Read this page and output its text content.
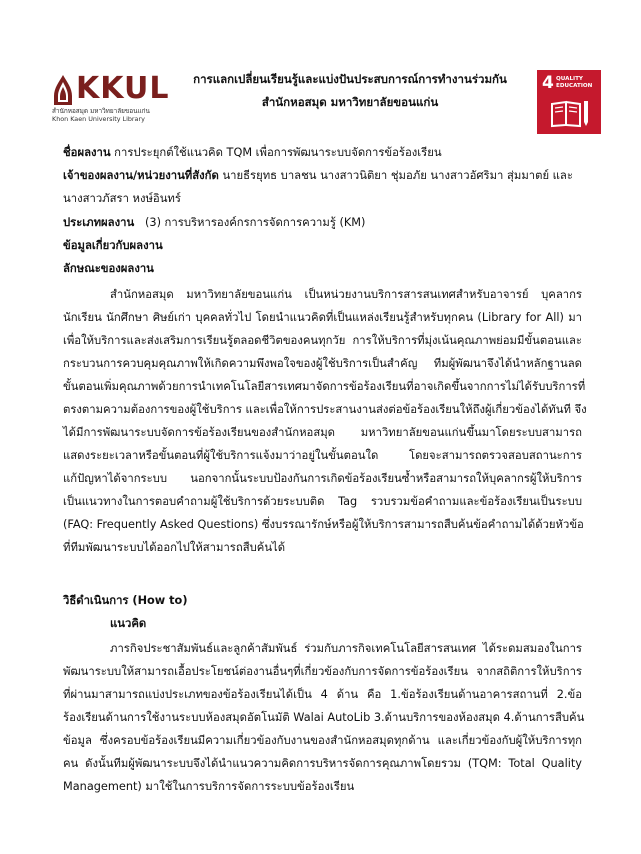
KKUL
สำนักหอสมุด มหาวิทยาลัยขอนแก่น
Khon Kaen University Library
การแลกเปลี่ยนเรียนรู้และแบ่งปันประสบการณ์การทำงานร่วมกัน
สำนักหอสมุด มหาวิทยาลัยขอนแก่น
4 QUALITY
EDUCATION
ชื่อผลงาน การประยุกต์ใช้แนวคิด TQM เพื่อการพัฒนาระบบจัดการข้อร้องเรียน
เจ้าของผลงาน/หน่วยงานที่สังกัด นายธีรยุทธ บาลชน นางสาวนิติยา ชุ่มอภัย นางสาวอัศริมา สุ่มมาตย์ และ
นางสาวภัสรา หงษ์อินทร์
ประเภทผลงาน (3) การบริหารองค์กรการจัดการความรู้ (KM)
ข้อมูลเกี่ยวกับผลงาน
ลักษณะของผลงาน
สำนักหอสมุด มหาวิทยาลัยขอนแก่น เป็นหน่วยงานบริการสารสนเทศสำหรับอาจารย์ บุคลากร
นักเรียน นักศึกษา ศิษย์เก่า บุคคลทั่วไป โดยนำแนวคิดที่เป็นแหล่งเรียนรู้สำหรับทุกคน (Library for All) มา
เพื่อให้บริการและส่งเสริมการเรียนรู้ตลอดชีวิตของคนทุกวัย การให้บริการที่มุ่งเน้นคุณภาพย่อมมีขั้นตอนและ
กระบวนการควบคุมคุณภาพให้เกิดความพึงพอใจของผู้ใช้บริการเป็นสำคัญ ทีมผู้พัฒนาจึงได้นำหลักฐานลด
ขั้นตอนเพิ่มคุณภาพด้วยการนำเทคโนโลยีสารเทศมาจัดการข้อร้องเรียนที่อาจเกิดขึ้นจากการไม่ได้รับบริการที่
ตรงตามความต้องการของผู้ใช้บริการ และเพื่อให้การประสานงานส่งต่อข้อร้องเรียนให้ถึงผู้เกี่ยวข้องได้ทันที จึง
ได้มีการพัฒนาระบบจัดการข้อร้องเรียนของสำนักหอสมุด มหาวิทยาลัยขอนแก่นขึ้นมาโดยระบบสามารถ
แสดงระยะเวลาหรือขั้นตอนที่ผู้ใช้บริการแจ้งมาว่าอยู่ในขั้นตอนใด โดยจะสามารถตรวจสอบสถานะการ
แก้ปัญหาได้จากระบบ นอกจากนั้นระบบป้องกันการเกิดข้อร้องเรียนซ้ำหรือสามารถให้บุคลากรผู้ให้บริการ
เป็นแนวทางในการตอบคำถามผู้ใช้บริการด้วยระบบติด Tag รวบรวมข้อคำถามและข้อร้องเรียนเป็นระบบ
(FAQ: Frequently Asked Questions) ซึ่งบรรณารักษ์หรือผู้ให้บริการสามารถสืบค้นข้อคำถามได้ด้วยหัวข้อ
ที่ทีมพัฒนาระบบได้ออกไปให้สามารถสืบค้นได้
วิธีดำเนินการ (How to)
แนวคิด
ภารกิจประชาสัมพันธ์และลูกค้าสัมพันธ์ ร่วมกับภารกิจเทคโนโลยีสารสนเทศ ได้ระดมสมองในการ
พัฒนาระบบให้สามารถเอื้อประโยชน์ต่องานอื่นๆที่เกี่ยวข้องกับการจัดการข้อร้องเรียน จากสถิติการให้บริการ
ที่ผ่านมาสามารถแบ่งประเภทของข้อร้องเรียนได้เป็น 4 ด้าน คือ 1.ข้อร้องเรียนด้านอาคารสถานที่ 2.ข้อ
ร้องเรียนด้านการใช้งานระบบห้องสมุดอัตโนมัติ Walai AutoLib 3.ด้านบริการของห้องสมุด 4.ด้านการสืบค้น
ข้อมูล ซึ่งครอบข้อร้องเรียนมีความเกี่ยวข้องกับงานของสำนักหอสมุดทุกด้าน และเกี่ยวข้องกับผู้ให้บริการทุก
คน ดังนั้นทีมผู้พัฒนาระบบจึงได้นำแนวความคิดการบริหารจัดการคุณภาพโดยรวม (TQM: Total Quality
Management) มาใช้ในการบริการจัดการระบบข้อร้องเรียน
